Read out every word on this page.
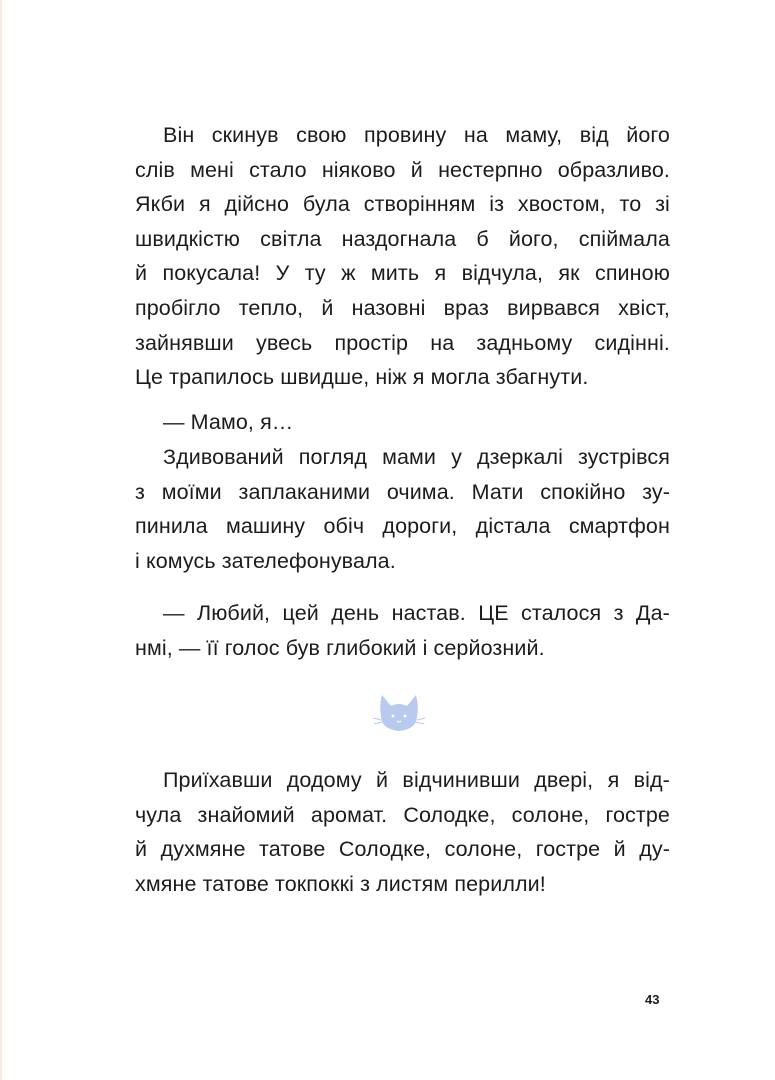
Він скинув свою провину на маму, від його
слів мені стало ніяково й нестерпно образливо.
Якби я дійсно була створінням із хвостом, то зі
швидкістю світла наздогнала б його, спіймала
й покусала! У ту ж мить я відчула, як спиною
пробігло тепло, й назовні враз вирвався хвіст,
зайнявши увесь простір на задньому сидінні.
Це трапилось швидше, ніж я могла збагнути.
— Мамо, я…
Здивований погляд мами у дзеркалі зустрівся
з моїми заплаканими очима. Мати спокійно зу-
пинила машину обіч дороги, дістала смартфон
і комусь зателефонувала.
— Любий, цей день настав. ЦЕ сталося з Да-
нмі, — її голос був глибокий і серйозний.
Приїхавши додому й відчинивши двері, я від-
чула знайомий аромат. Солодке, солоне, гостре
й духмяне татове Солодке, солоне, гостре й ду-
хмяне татове токпоккі з листям перилли!
43
